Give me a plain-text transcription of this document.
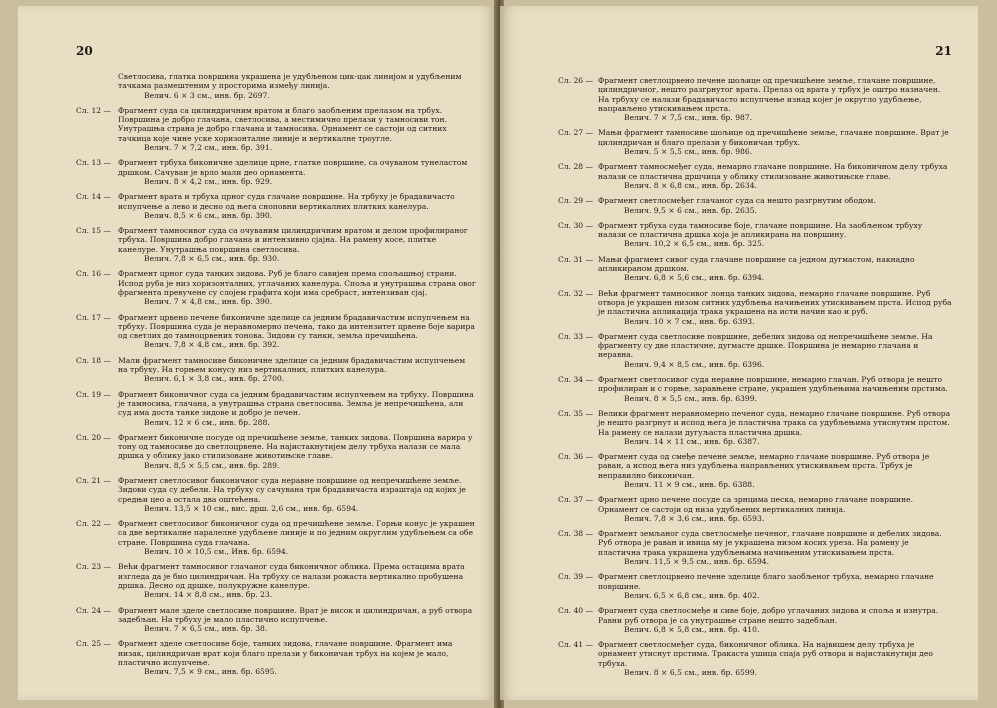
20
Светлосива, глатка површина украшена је удубљеном цик-цак линијом и удубљеним тачкама размештеним у просторима између линија.
Велич. 6 × 3 см., инв. бр. 2697.
Сл. 12 — Фрагмент суда са цилиндричним вратом и благо заобљеним прелазом на трбух. Површина је добро глачана, светлосива, а местимично прелази у тамносиви тон. Унутрашња страна је добро глачана и тамносива. Орнамент се састоји од ситних тачкица које чине уске хоризонталне линије и вертикалне троугле.
Велич. 7 × 7,2 см., инв. бр. 391.
Сл. 13 — Фрагмент трбуха биконичне зделице црне, глатке површине, са очуваном тунеластом дршком. Сачуван је врло мали део орнамента.
Велич. 8 × 4,2 см., инв. бр. 929.
Сл. 14 — Фрагмент врата и трбуха црног суда глачане површине. На трбуху је брадавичасто испупчење а лево и десно од њега сноповни вертикалних плитких канелура.
Велич. 8,5 × 6 см., инв. бр. 390.
Сл. 15 — Фрагмент тамносивог суда са очуваним цилиндричним вратом и делом профилираног трбуха. Површина добро глачана и интензивно сјајна. На рамену косе, плитке канелуре. Унутрашња површина светлосива.
Велич. 7,8 × 6,5 см., инв. бр. 930.
Сл. 16 — Фрагмент црног суда танких зидова. Руб је благо савијен према спољашњој страни. Испод руба је низ хоризонталних, углачаних канелура. Споља и унутрашња страна овог фрагмента превучене су слојем графита који има сребраст, интензиван сјај.
Велич. 7 × 4,8 см., инв. бр. 390.
Сл. 17 — Фрагмент црвено печене биконичне зделице са једним брадавичастим испупчењем на трбуху. Површина суда је неравномерно печена, тако да интензитет црвене боје варира од светлих до тамноцрвених тонова. Зидови су танки, земља пречишћена.
Велич. 7,8 × 4,8 см., инв. бр. 392.
Сл. 18 — Мали фрагмент тамносиве биконичне зделице са једним брадавичастим испупчењем на трбуху. На горњем конусу низ вертикалних, плитких канелура.
Велич. 6,1 × 3,8 см., инв. бр. 2700.
Сл. 19 — Фрагмент биконичног суда са једним брадавичастим испупчењем на трбуху. Површина је тамносива, глачана, а унутрашња страна светлосива. Земља је непречишћена, али суд има доста танке зидове и добро је печен.
Велич. 12 × 6 см., инв. бр. 288.
Сл. 20 — Фрагмент биконичне посуде од пречишћене земље, танких зидова. Површина варира у тону од тамносиве до светлоцрвене. На најистакнутијем делу трбуха налази се мала дршка у облику јако стилизоване животињске главе.
Велич. 8,5 × 5,5 см., инв. бр. 289.
Сл. 21 — Фрагмент светлосивог биконичног суда неравне површине од непречишћене земље. Зидови суда су дебели. На трбуху су сачувана три брадавичаста израштаја од којих је средњи цео а остала два оштећена.
Велич. 13,5 × 10 см., вис. дрш. 2,6 см., инв. бр. 6594.
Сл. 22 — Фрагмент светлосивог биконичног суда од пречишћене земље. Горњи конус је украшен са две вертикалне паралелне удубљене линије и по једним округлим удубљењем са обе стране. Површина суда глачана.
Велич. 10 × 10,5 см., Инв. бр. 6594.
Сл. 23 — Већи фрагмент тамносивог глачаног суда биконичног облика. Према остацима врата изгледа да је био цилиндричан. На трбуху се налази рожаста вертикално пробушена дршка. Десно од дршке, полукружне канелуре.
Велич. 14 × 8,8 см., инв. бр. 23.
Сл. 24 — Фрагмент мале зделе светлосиве површине. Врат је висок и цилиндричан, а руб отвора задебљан. На трбуху је мало пластично испупчење.
Велич. 7 × 6,5 см., инв. бр. 38.
Сл. 25 — Фрагмент зделе светлосиве боје, танких зидова, глачане површине. Фрагмент има низак, цилиндричан врат који благо прелази у биконичан трбух на којем је мало, пластично испупчење.
Велич. 7,5 × 9 см., инв. бр. 6595.
21
Сл. 26 — Фрагмент светлоцрвено печене шољице од пречишћене земље, глачане површине, цилиндричног, нешто разгрнутог врата. Прелаз од врата у трбух је оштро назначен. На трбуху се налази брадавичасто испупчење изнад којег је округло удубљење, направљено утискивањем прста.
Велич. 7 × 7,5 см., инв. бр. 987.
Сл. 27 — Мањи фрагмент тамносиве шољице од пречишћене земље, глачане површине. Врат је цилиндричан и благо прелази у биконичан трбух.
Велич. 5 × 5,5 см., инв. бр. 986.
Сл. 28 — Фрагмент тамносмеђег суда, немарно глачане површине. На биконичном делу трбуха налази се пластична дршчица у облику стилизоване животињске главе.
Велич. 8 × 6,8 см., инв. бр. 2634.
Сл. 29 — Фрагмент светлосмеђег глачаног суда са нешто разгрнутим ободом.
Велич. 9,5 × 6 см., инв. бр. 2635.
Сл. 30 — Фрагмент трбуха суда тамносиве боје, глачане површине. На заобљеном трбуху налази се пластична дршка која је апликирана на површину.
Велич. 10,2 × 6,5 см., инв. бр. 325.
Сл. 31 — Мањи фрагмент сивог суда глачане површине са једном дугмастом, накнадно апликираном дршком.
Велич. 6,8 × 5,6 см., инв. бр. 6394.
Сл. 32 — Већи фрагмент тамносивог лонца танких зидова, немарно глачане површине. Руб отвора је украшен низом ситних удубљења начињених утискивањем прста. Испод руба је пластична апликација трака украшена на исти начин као и руб.
Велич. 10 × 7 см., инв. бр. 6393.
Сл. 33 — Фрагмент суда светлосиве површине, дебелих зидова од непречишћене земље. На фрагменту су две пластичне, дугмасте дршке. Површина је немарно глачана и неравна.
Велич. 9,4 × 8,5 см., инв. бр. 6396.
Сл. 34 — Фрагмент светлосивог суда неравне површине, немарно глачан. Руб отвора је нешто профилиран и с горње, заравњене стране, украшен удубљењима начињеним прстима.
Велич. 8 × 5,5 см., инв. бр. 6399.
Сл. 35 — Велики фрагмент неравномерно печеног суда, немарно глачане површине. Руб отвора је нешто разгрнут и испод њега је пластична трака са удубљењима утиснутим прстом. На рамену се налази дугуљаста пластична дршка.
Велич. 14 × 11 см., инв. бр. 6387.
Сл. 36 — Фрагмент суда од смеђе печене земље, немарно глачане површине. Руб отвора је раван, а испод њега низ удубљења направљених утискивањем прста. Трбух је неправилно биконичан.
Велич. 11 × 9 см., инв. бр. 6388.
Сл. 37 — Фрагмент црно печене посуде са зрнцима песка, немарно глачане површине. Орнамент се састоји од низа удубљених вертикалних линија.
Велич. 7,8 × 3,6 см., инв. бр. 6593.
Сл. 38 — Фрагмент земљаног суда светлосмеђе печеног, глачане површине и дебелих зидова. Руб отвора је раван и ивица му је украшена низом косих уреза. На рамену је пластична трака украшена удубљењима начињеним утискивањем прста.
Велич. 11,5 × 9,5 см., инв. бр. 6594.
Сл. 39 — Фрагмент светлоцрвено печене зделице благо заобљеног трбуха, немарно глачане површине.
Велич. 6,5 × 6,8 см., инв. бр. 402.
Сл. 40 — Фрагмент суда светлосмеђе и сиве боје, добро углачаних зидова и споља и изнутра. Равни руб отвора је са унутрашње стране нешто задебљан.
Велич. 6,8 × 5,8 см., инв. бр. 410.
Сл. 41 — Фрагмент светлосмеђег суда, биконичног облика. На највишем делу трбуха је орнамент утиснут прстима. Тракаста ушица спаја руб отвора и најистакнутији део трбуха.
Велич. 8 × 6,5 см., инв. бр. 6599.
